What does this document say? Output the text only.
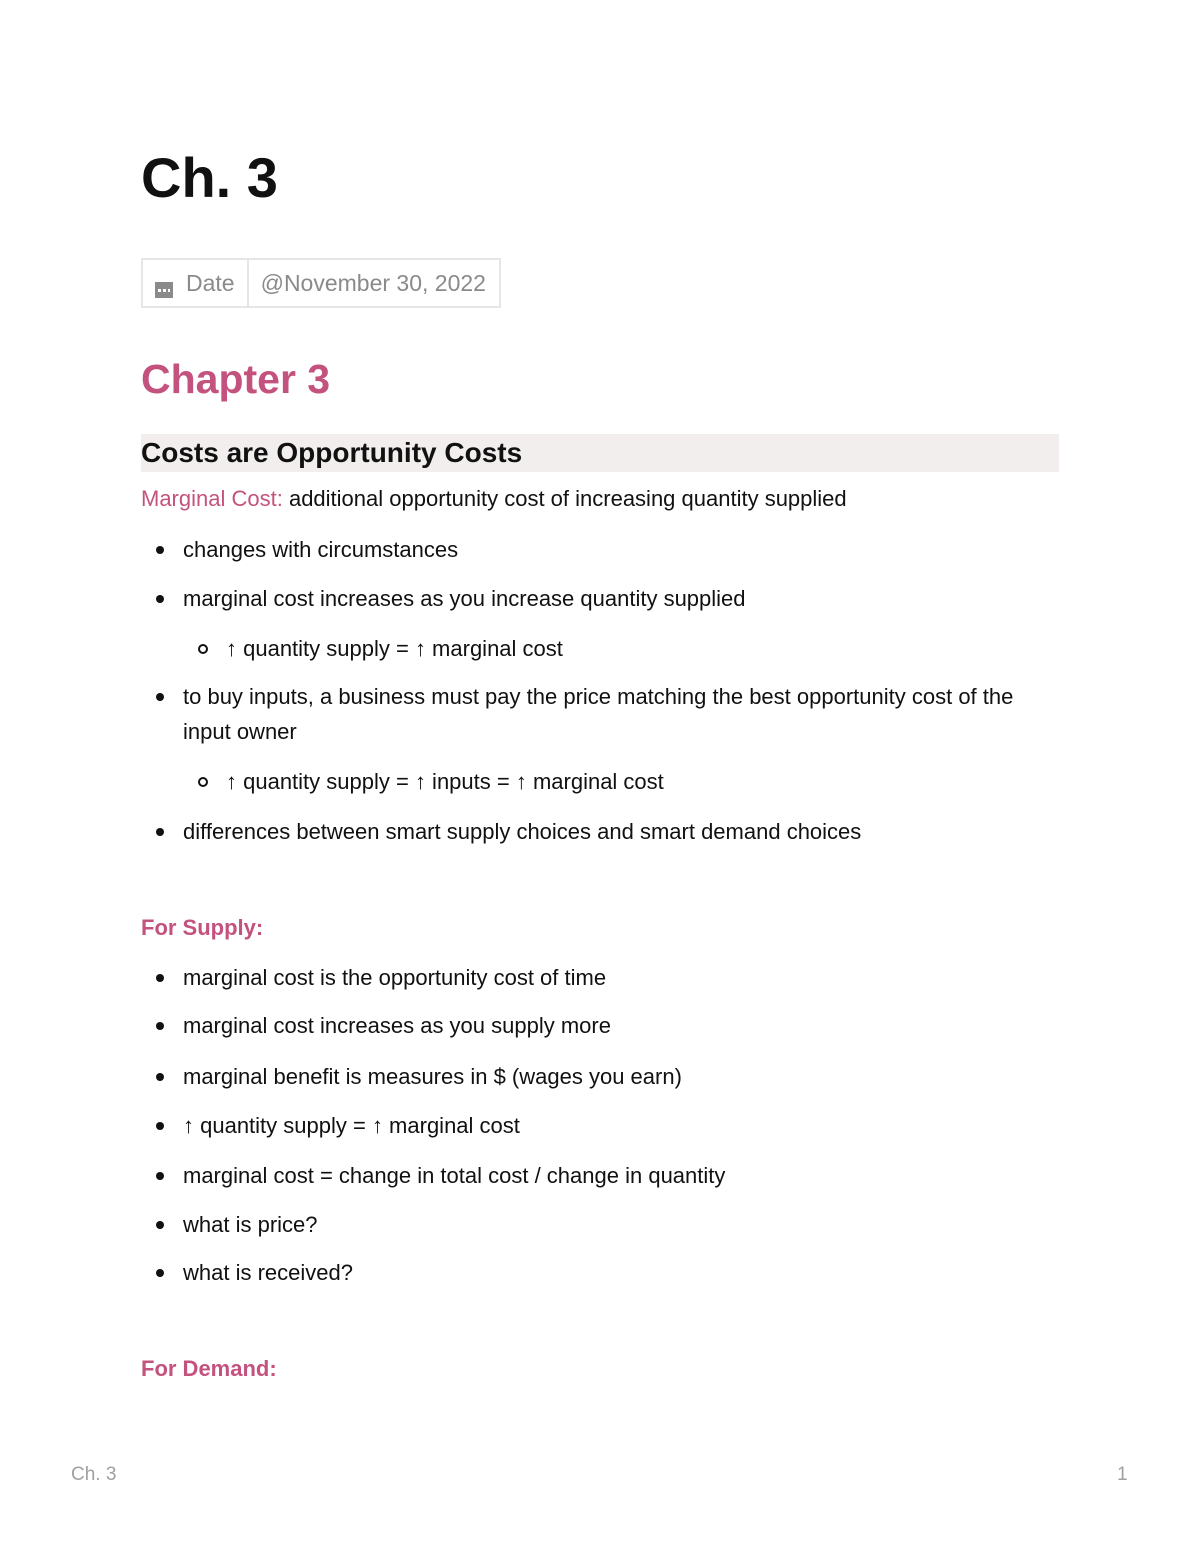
Ch. 3
Date	@November 30, 2022
Chapter 3
Costs are Opportunity Costs

Marginal Cost: additional opportunity cost of increasing quantity supplied

changes with circumstances

marginal cost increases as you increase quantity supplied

↑ quantity supply = ↑ marginal cost

to buy inputs, a business must pay the price matching the best opportunity cost of the input owner

↑ quantity supply = ↑ inputs = ↑ marginal cost

differences between smart supply choices and smart demand choices

For Supply:

marginal cost is the opportunity cost of time

marginal cost increases as you supply more

marginal benefit is measures in $ (wages you earn)

↑ quantity supply = ↑ marginal cost

marginal cost = change in total cost / change in quantity

what is price?

what is received?

For Demand:

Ch. 3	1
